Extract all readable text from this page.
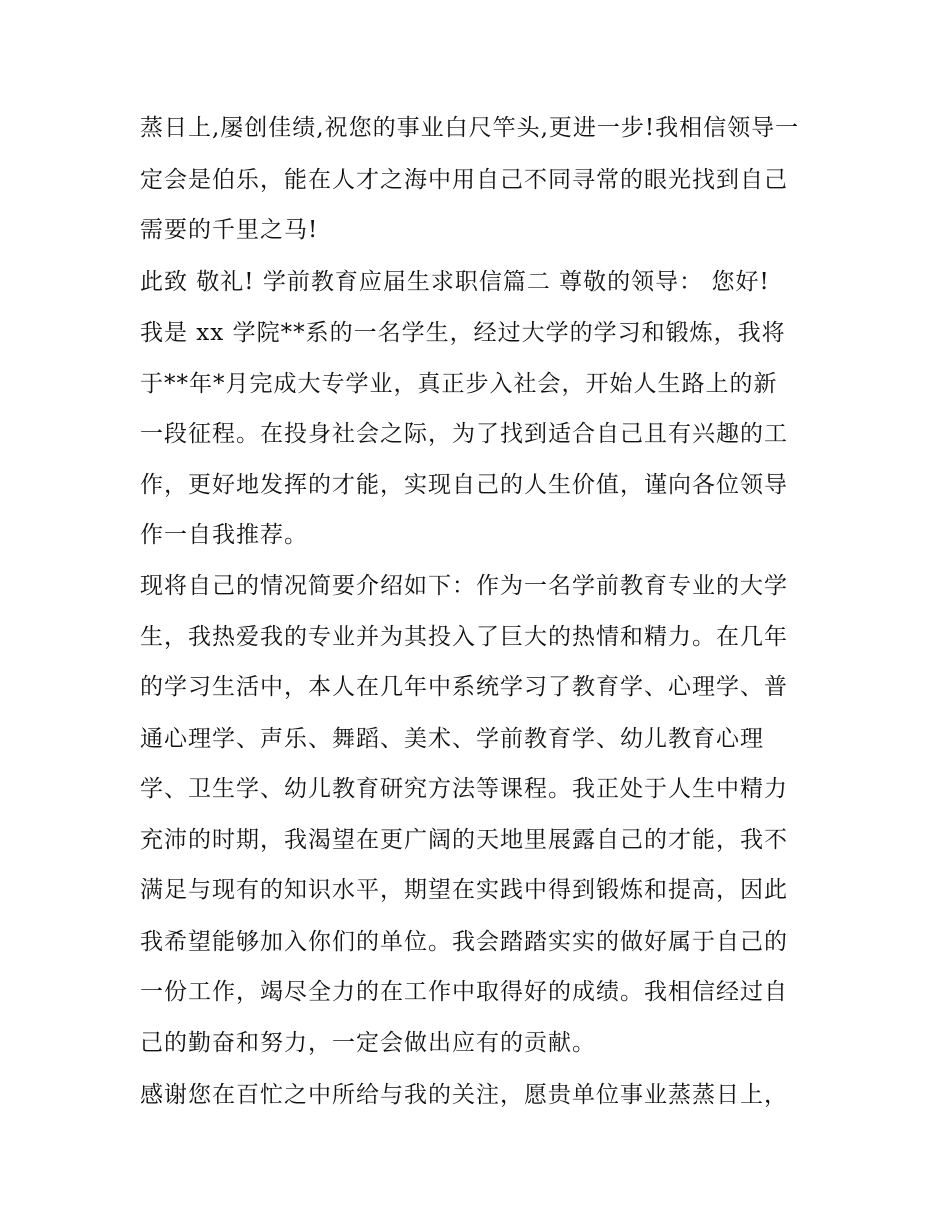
蒸日上,屡创佳绩,祝您的事业白尺竿头,更进一步!我相信领导一
定会是伯乐，能在人才之海中用自己不同寻常的眼光找到自己
需要的千里之马!
此致 敬礼! 学前教育应届生求职信篇二 尊敬的领导： 您好!
我是 xx 学院**系的一名学生，经过大学的学习和锻炼，我将
于**年*月完成大专学业，真正步入社会，开始人生路上的新
一段征程。在投身社会之际，为了找到适合自己且有兴趣的工
作，更好地发挥的才能，实现自己的人生价值，谨向各位领导
作一自我推荐。
现将自己的情况简要介绍如下：作为一名学前教育专业的大学
生，我热爱我的专业并为其投入了巨大的热情和精力。在几年
的学习生活中，本人在几年中系统学习了教育学、心理学、普
通心理学、声乐、舞蹈、美术、学前教育学、幼儿教育心理
学、卫生学、幼儿教育研究方法等课程。我正处于人生中精力
充沛的时期，我渴望在更广阔的天地里展露自己的才能，我不
满足与现有的知识水平，期望在实践中得到锻炼和提高，因此
我希望能够加入你们的单位。我会踏踏实实的做好属于自己的
一份工作，竭尽全力的在工作中取得好的成绩。我相信经过自
己的勤奋和努力，一定会做出应有的贡献。
感谢您在百忙之中所给与我的关注，愿贵单位事业蒸蒸日上，
